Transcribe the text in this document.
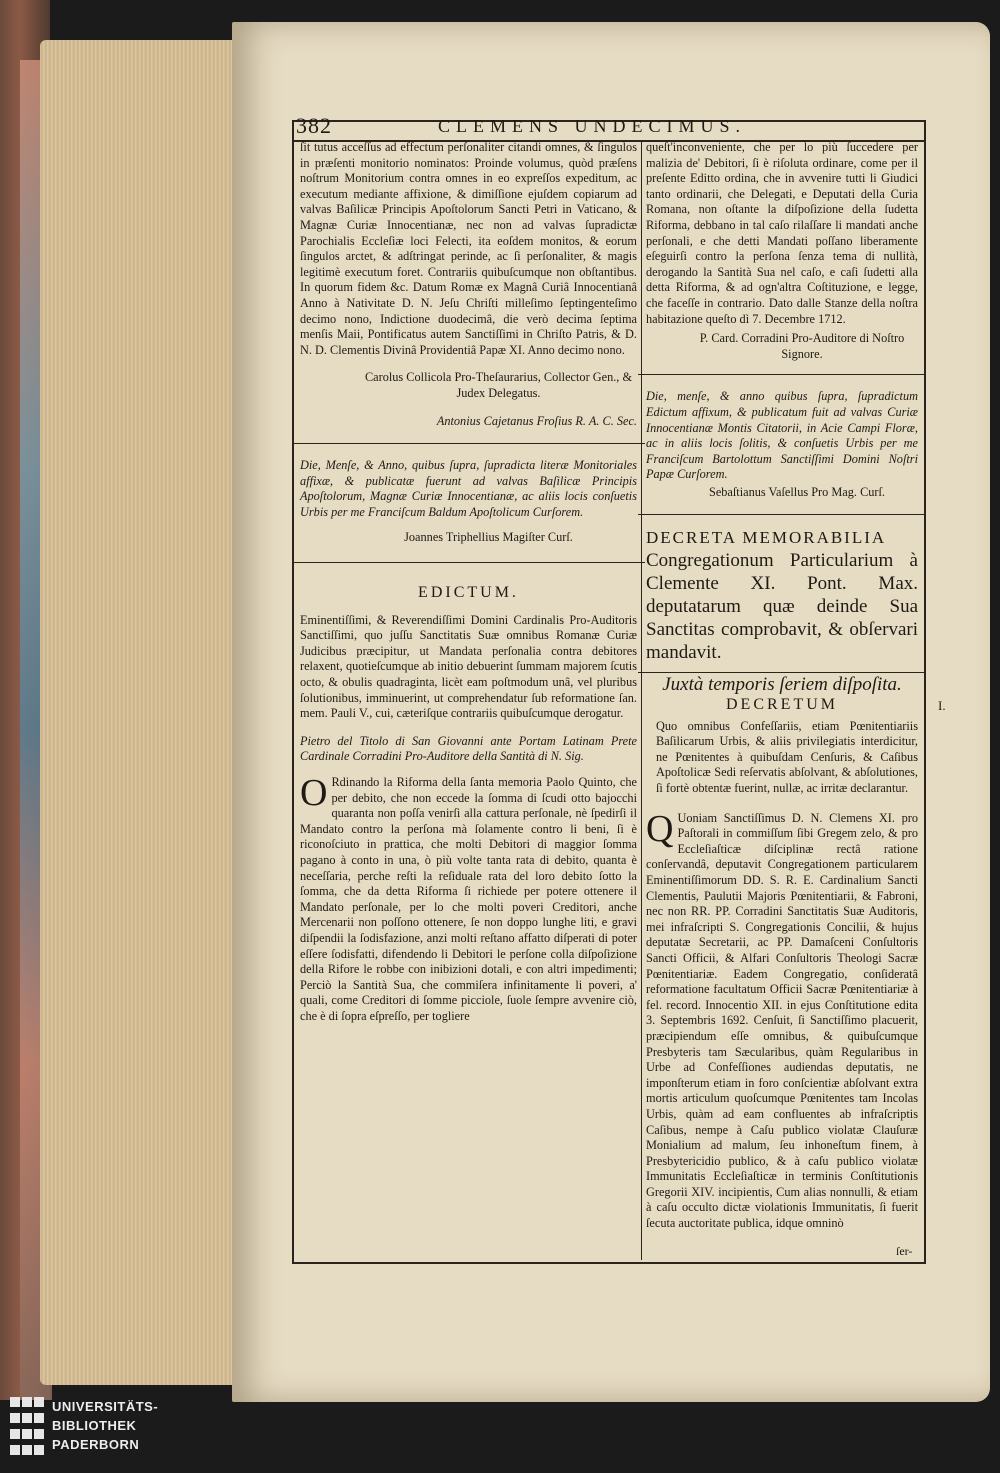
382	CLEMENS UNDECIMUS.

ſit tutus acceſſus ad effectum perſonaliter citandi omnes, & ſingulos in præſenti monitorio nominatos: Proinde volumus, quòd præſens noſtrum Monitorium contra omnes in eo expreſſos expeditum, ac executum mediante affixione, & dimiſſione ejuſdem copiarum ad valvas Baſilicæ Principis Apoſtolorum Sancti Petri in Vaticano, & Magnæ Curiæ Innocentianæ, nec non ad valvas ſupradictæ Parochialis Eccleſiæ loci Felecti, ita eoſdem monitos, & eorum ſingulos arctet, & adſtringat perinde, ac ſi perſonaliter, & magis legitimè executum foret. Contrariis quibuſcumque non obſtantibus. In quorum fidem &c. Datum Romæ ex Magnâ Curiâ Innocentianâ Anno à Nativitate D. N. Jeſu Chriſti milleſimo ſeptingenteſimo decimo nono, Indictione duodecimâ, die verò decima ſeptima menſis Maii, Pontificatus autem Sanctiſſimi in Chriſto Patris, & D. N. D. Clementis Divinâ Providentiâ Papæ XI. Anno decimo nono.

Carolus Collicola Pro-Theſaurarius, Collector Gen., & Judex Delegatus.

Antonius Cajetanus Froſius R. A. C. Sec.

Die, Menſe, & Anno, quibus ſupra, ſupradicta literæ Monitoriales affixæ, & publicatæ fuerunt ad valvas Baſilicæ Principis Apoſtolorum, Magnæ Curiæ Innocentianæ, ac aliis locis conſuetis Urbis per me Franciſcum Baldum Apoſtolicum Curſorem.

Joannes Triphellius Magiſter Curſ.

EDICTUM.

Eminentiſſimi, & Reverendiſſimi Domini Cardinalis Pro-Auditoris Sanctiſſimi, quo juſſu Sanctitatis Suæ omnibus Romanæ Curiæ Judicibus præcipitur, ut Mandata perſonalia contra debitores relaxent, quotieſcumque ab initio debuerint ſummam majorem ſcutis octo, & obulis quadraginta, licèt eam poſtmodum unâ, vel pluribus ſolutionibus, imminuerint, ut comprehendatur ſub reformatione ſan. mem. Pauli V., cui, cæteriſque contrariis quibuſcumque derogatur.

Pietro del Titolo di San Giovanni ante Portam Latinam Prete Cardinale Corradini Pro-Auditore della Santità di N. Sig.

O Rdinando la Riforma della ſanta memoria Paolo Quinto, che per debito, che non eccede la ſomma di ſcudi otto bajocchi quaranta non poſſa venirſi alla cattura perſonale, nè ſpedirſi il Mandato contro la perſona mà ſolamente contro li beni, ſi è riconoſciuto in prattica, che molti Debitori di maggior ſomma pagano à conto in una, ò più volte tanta rata di debito, quanta è neceſſaria, perche reſti la reſiduale rata del loro debito ſotto la ſomma, che da detta Riforma ſi richiede per potere ottenere il Mandato perſonale, per lo che molti poveri Creditori, anche Mercenarii non poſſono ottenere, ſe non doppo lunghe liti, e gravi diſpendii la ſodisfazione, anzi molti reſtano affatto diſperati di poter eſſere ſodisfatti, difendendo li Debitori le perſone colla diſpoſizione della Rifore le robbe con inibizioni dotali, e con altri impedimenti; Perciò la Santità Sua, che commiſera infinitamente li poveri, a' quali, come Creditori di ſomme picciole, ſuole ſempre avvenire ciò, che è di ſopra eſpreſſo, per togliere

queſt'inconveniente, che per lo più ſuccedere per malizia de' Debitori, ſi è riſoluta ordinare, come per il preſente Editto ordina, che in avvenire tutti li Giudici tanto ordinarii, che Delegati, e Deputati della Curia Romana, non oſtante la diſpoſizione della ſudetta Riforma, debbano in tal caſo rilaſſare li mandati anche perſonali, e che detti Mandati poſſano liberamente eſeguirſi contro la perſona ſenza tema di nullità, derogando la Santità Sua nel caſo, e caſi ſudetti alla detta Riforma, & ad ogn'altra Coſtituzione, e legge, che faceſſe in contrario. Dato dalle Stanze della noſtra habitazione queſto dì 7. Decembre 1712.

P. Card. Corradini Pro-Auditore di Noſtro Signore.

Die, menſe, & anno quibus ſupra, ſupradictum Edictum affixum, & publicatum fuit ad valvas Curiæ Innocentianæ Montis Citatorii, in Acie Campi Floræ, ac in aliis locis ſolitis, & conſuetis Urbis per me Franciſcum Bartolottum Sanctiſſimi Domini Noſtri Papæ Curſorem.

Sebaſtianus Vaſellus Pro Mag. Curſ.

DECRETA MEMORABILIA

Congregationum Particularium à Clemente XI. Pont. Max. deputatarum quæ deinde Sua Sanctitas comprobavit, & obſervari mandavit.

Juxtà temporis ſeriem diſpoſita.

DECRETUM

Quo omnibus Confeſſariis, etiam Pœnitentiariis Baſilicarum Urbis, & aliis privilegiatis interdicitur, ne Pœnitentes à quibuſdam Cenſuris, & Caſibus Apoſtolicæ Sedi reſervatis abſolvant, & abſolutiones, ſi fortè obtentæ fuerint, nullæ, ac irritæ declarantur.

Q Uoniam Sanctiſſimus D. N. Clemens XI. pro Paſtorali in commiſſum ſibi Gregem zelo, & pro Eccleſiaſticæ diſciplinæ rectâ ratione conſervandâ, deputavit Congregationem particularem Eminentiſſimorum DD. S. R. E. Cardinalium Sancti Clementis, Paulutii Majoris Pœnitentiarii, & Fabroni, nec non RR. PP. Corradini Sanctitatis Suæ Auditoris, mei infraſcripti S. Congregationis Concilii, & hujus deputatæ Secretarii, ac PP. Damaſceni Conſultoris Sancti Officii, & Alfari Conſultoris Theologi Sacræ Pœnitentiariæ. Eadem Congregatio, conſideratâ reformatione facultatum Officii Sacræ Pœnitentiariæ à fel. record. Innocentio XII. in ejus Conſtitutione edita 3. Septembris 1692. Cenſuit, ſi Sanctiſſimo placuerit, præcipiendum eſſe omnibus, & quibuſcumque Presbyteris tam Sæcularibus, quàm Regularibus in Urbe ad Confeſſiones audiendas deputatis, ne imponſterum etiam in foro conſcientiæ abſolvant extra mortis articulum quoſcumque Pœnitentes tam Incolas Urbis, quàm ad eam confluentes ab infraſcriptis Caſibus, nempe à Caſu publico violatæ Clauſuræ Monialium ad malum, ſeu inhoneſtum finem, à Presbytericidio publico, & à caſu publico violatæ Immunitatis Eccleſiaſticæ in terminis Conſtitutionis Gregorii XIV. incipientis, Cum alias nonnulli, & etiam à caſu occulto dictæ violationis Immunitatis, ſi fuerit ſecuta auctoritate publica, idque omninò

I.
ſer-
UNIVERSITÄTS-
BIBLIOTHEK
PADERBORN
